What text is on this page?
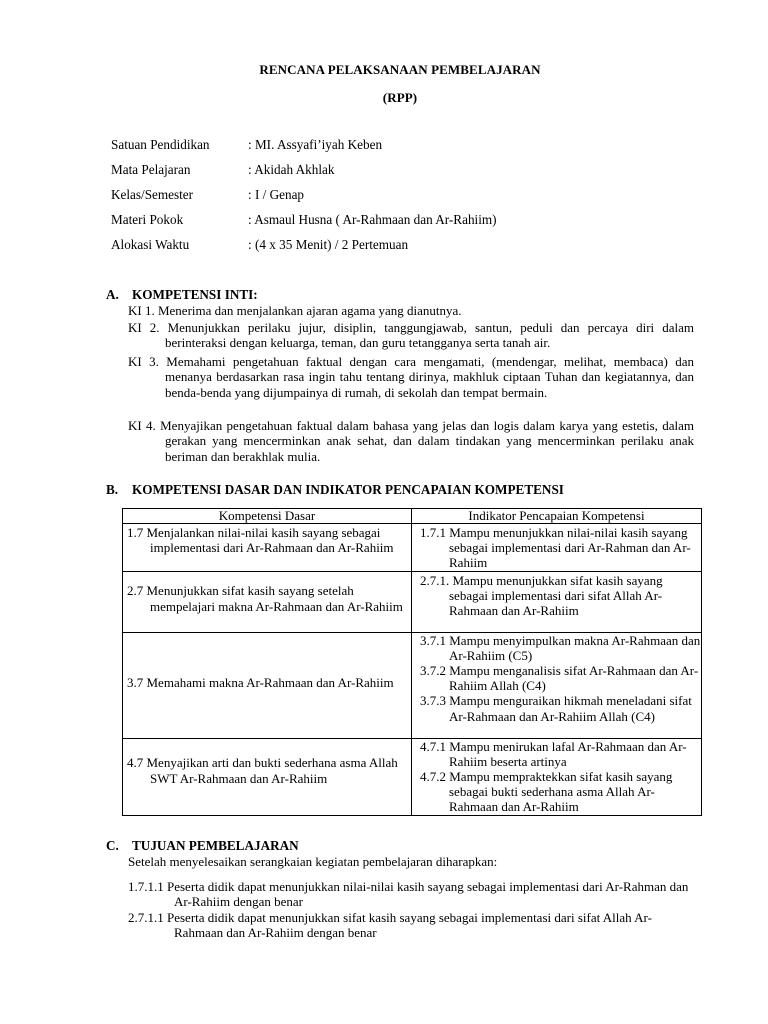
RENCANA PELAKSANAAN PEMBELAJARAN
(RPP)
Satuan Pendidikan	: MI. Assyafi’iyah Keben
Mata Pelajaran	: Akidah Akhlak
Kelas/Semester	: I / Genap
Materi Pokok	: Asmaul Husna ( Ar-Rahmaan dan Ar-Rahiim)
Alokasi Waktu	: (4 x 35 Menit) / 2 Pertemuan
A. KOMPETENSI INTI:
KI 1. Menerima dan menjalankan ajaran agama yang dianutnya.
KI 2. Menunjukkan perilaku jujur, disiplin, tanggungjawab, santun, peduli dan percaya diri dalam berinteraksi dengan keluarga, teman, dan guru tetangganya serta tanah air.
KI 3. Memahami pengetahuan faktual dengan cara mengamati, (mendengar, melihat, membaca) dan menanya berdasarkan rasa ingin tahu tentang dirinya, makhluk ciptaan Tuhan dan kegiatannya, dan benda-benda yang dijumpainya di rumah, di sekolah dan tempat bermain.
KI 4. Menyajikan pengetahuan faktual dalam bahasa yang jelas dan logis dalam karya yang estetis, dalam gerakan yang mencerminkan anak sehat, dan dalam tindakan yang mencerminkan perilaku anak beriman dan berakhlak mulia.
B. KOMPETENSI DASAR DAN INDIKATOR PENCAPAIAN KOMPETENSI
Kompetensi Dasar	Indikator Pencapaian Kompetensi

1.7 Menjalankan nilai-nilai kasih sayang sebagai implementasi dari Ar-Rahmaan dan Ar-Rahiim	1.7.1 Mampu menunjukkan nilai-nilai kasih sayang sebagai implementasi dari Ar-Rahman dan Ar-Rahiim

2.7 Menunjukkan sifat kasih sayang setelah mempelajari makna Ar-Rahmaan dan Ar-Rahiim	2.7.1. Mampu menunjukkan sifat kasih sayang sebagai implementasi dari sifat Allah Ar-Rahmaan dan Ar-Rahiim

3.7 Memahami makna Ar-Rahmaan dan Ar-Rahiim	3.7.1 Mampu menyimpulkan makna Ar-Rahmaan dan Ar-Rahiim (C5)
3.7.2 Mampu menganalisis sifat Ar-Rahmaan dan Ar-Rahiim Allah (C4)
3.7.3 Mampu menguraikan hikmah meneladani sifat Ar-Rahmaan dan Ar-Rahiim Allah (C4)

4.7 Menyajikan arti dan bukti sederhana asma Allah SWT Ar-Rahmaan dan Ar-Rahiim	4.7.1 Mampu menirukan lafal Ar-Rahmaan dan Ar-Rahiim beserta artinya
4.7.2 Mampu mempraktekkan sifat kasih sayang sebagai bukti sederhana asma Allah Ar-Rahmaan dan Ar-Rahiim
C. TUJUAN PEMBELAJARAN
Setelah menyelesaikan serangkaian kegiatan pembelajaran diharapkan:
1.7.1.1 Peserta didik dapat menunjukkan nilai-nilai kasih sayang sebagai implementasi dari Ar-Rahman dan Ar-Rahiim dengan benar
2.7.1.1 Peserta didik dapat menunjukkan sifat kasih sayang sebagai implementasi dari sifat Allah Ar-Rahmaan dan Ar-Rahiim dengan benar
